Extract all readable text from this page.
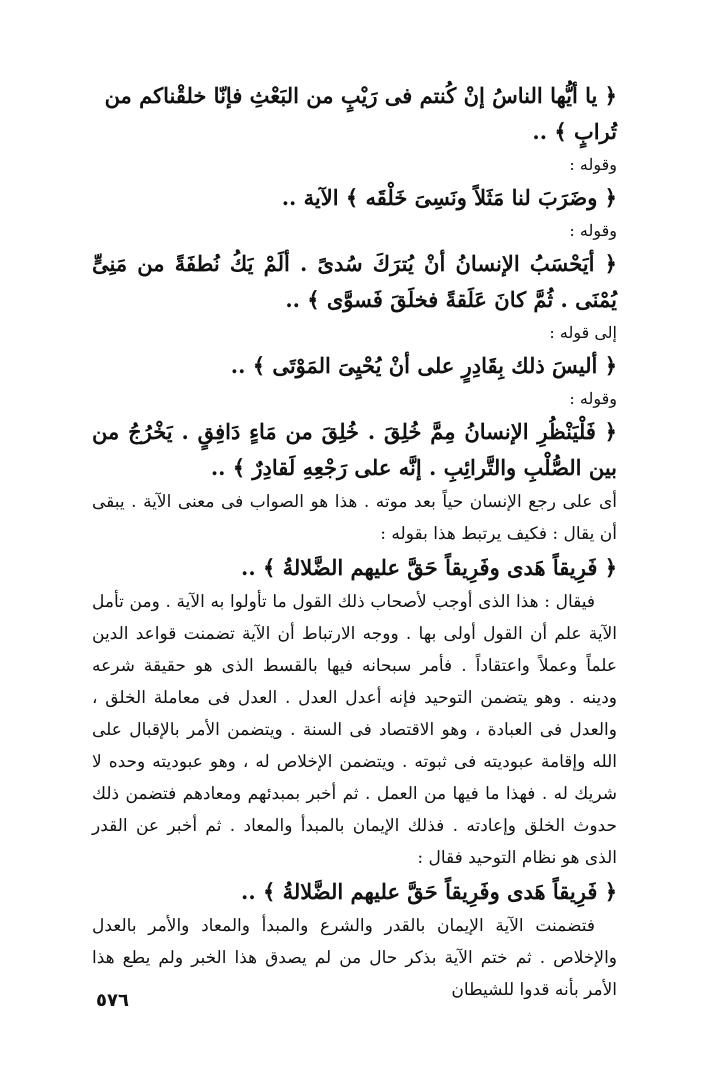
﴿ يا أيُّها الناسُ إنْ كُنتم فى رَيْبٍ من البَعْثِ فإنّا خلقْناكم من تُرابٍ ﴾ ..

وقوله :

﴿ وضَرَبَ لنا مَثَلاً ونَسِىَ خَلْقَه ﴾ الآية ..

وقوله :

﴿ أيَحْسَبُ الإنسانُ أنْ يُترَكَ سُدىً . ألَمْ يَكُ نُطفَةً من مَنِىٍّ يُمْنَى . ثُمَّ كانَ عَلَقةً فخلَقَ فَسوَّى ﴾ ..

إلى قوله :

﴿ أليسَ ذلك بِقَادِرٍ على أنْ يُحْيِىَ المَوْتَى ﴾ ..

وقوله :

﴿ فَلْيَنْظُرِ الإنسانُ مِمَّ خُلِقَ . خُلِقَ من مَاءٍ دَافِقٍ . يَخْرُجُ من بين الصُّلْبِ والتَّرائِبِ . إنَّه على رَجْعِهِ لَقادِرٌ ﴾ ..

أى على رجع الإنسان حياً بعد موته . هذا هو الصواب فى معنى الآية . يبقى أن يقال : فكيف يرتبط هذا بقوله :

﴿ فَرِيقاً هَدى وفَرِيقاً حَقَّ عليهم الضَّلالةُ ﴾ ..

فيقال : هذا الذى أوجب لأصحاب ذلك القول ما تأولوا به الآية . ومن تأمل الآية علم أن القول أولى بها . ووجه الارتباط أن الآية تضمنت قواعد الدين علماً وعملاً واعتقاداً . فأمر سبحانه فيها بالقسط الذى هو حقيقة شرعه ودينه . وهو يتضمن التوحيد فإنه أعدل العدل . العدل فى معاملة الخلق ، والعدل فى العبادة ، وهو الاقتصاد فى السنة . ويتضمن الأمر بالإقبال على الله وإقامة عبوديته فى ثبوته . ويتضمن الإخلاص له ، وهو عبوديته وحده لا شريك له . فهذا ما فيها من العمل . ثم أخبر بمبدئهم ومعادهم فتضمن ذلك حدوث الخلق وإعادته . فذلك الإيمان بالمبدأ والمعاد . ثم أخبر عن القدر الذى هو نظام التوحيد فقال :

﴿ فَرِيقاً هَدى وفَرِيقاً حَقَّ عليهم الضَّلالةُ ﴾ ..

فتضمنت الآية الإيمان بالقدر والشرع والمبدأ والمعاد والأمر بالعدل والإخلاص . ثم ختم الآية بذكر حال من لم يصدق هذا الخبر ولم يطع هذا الأمر بأنه قدوا للشيطان

٥٧٦
